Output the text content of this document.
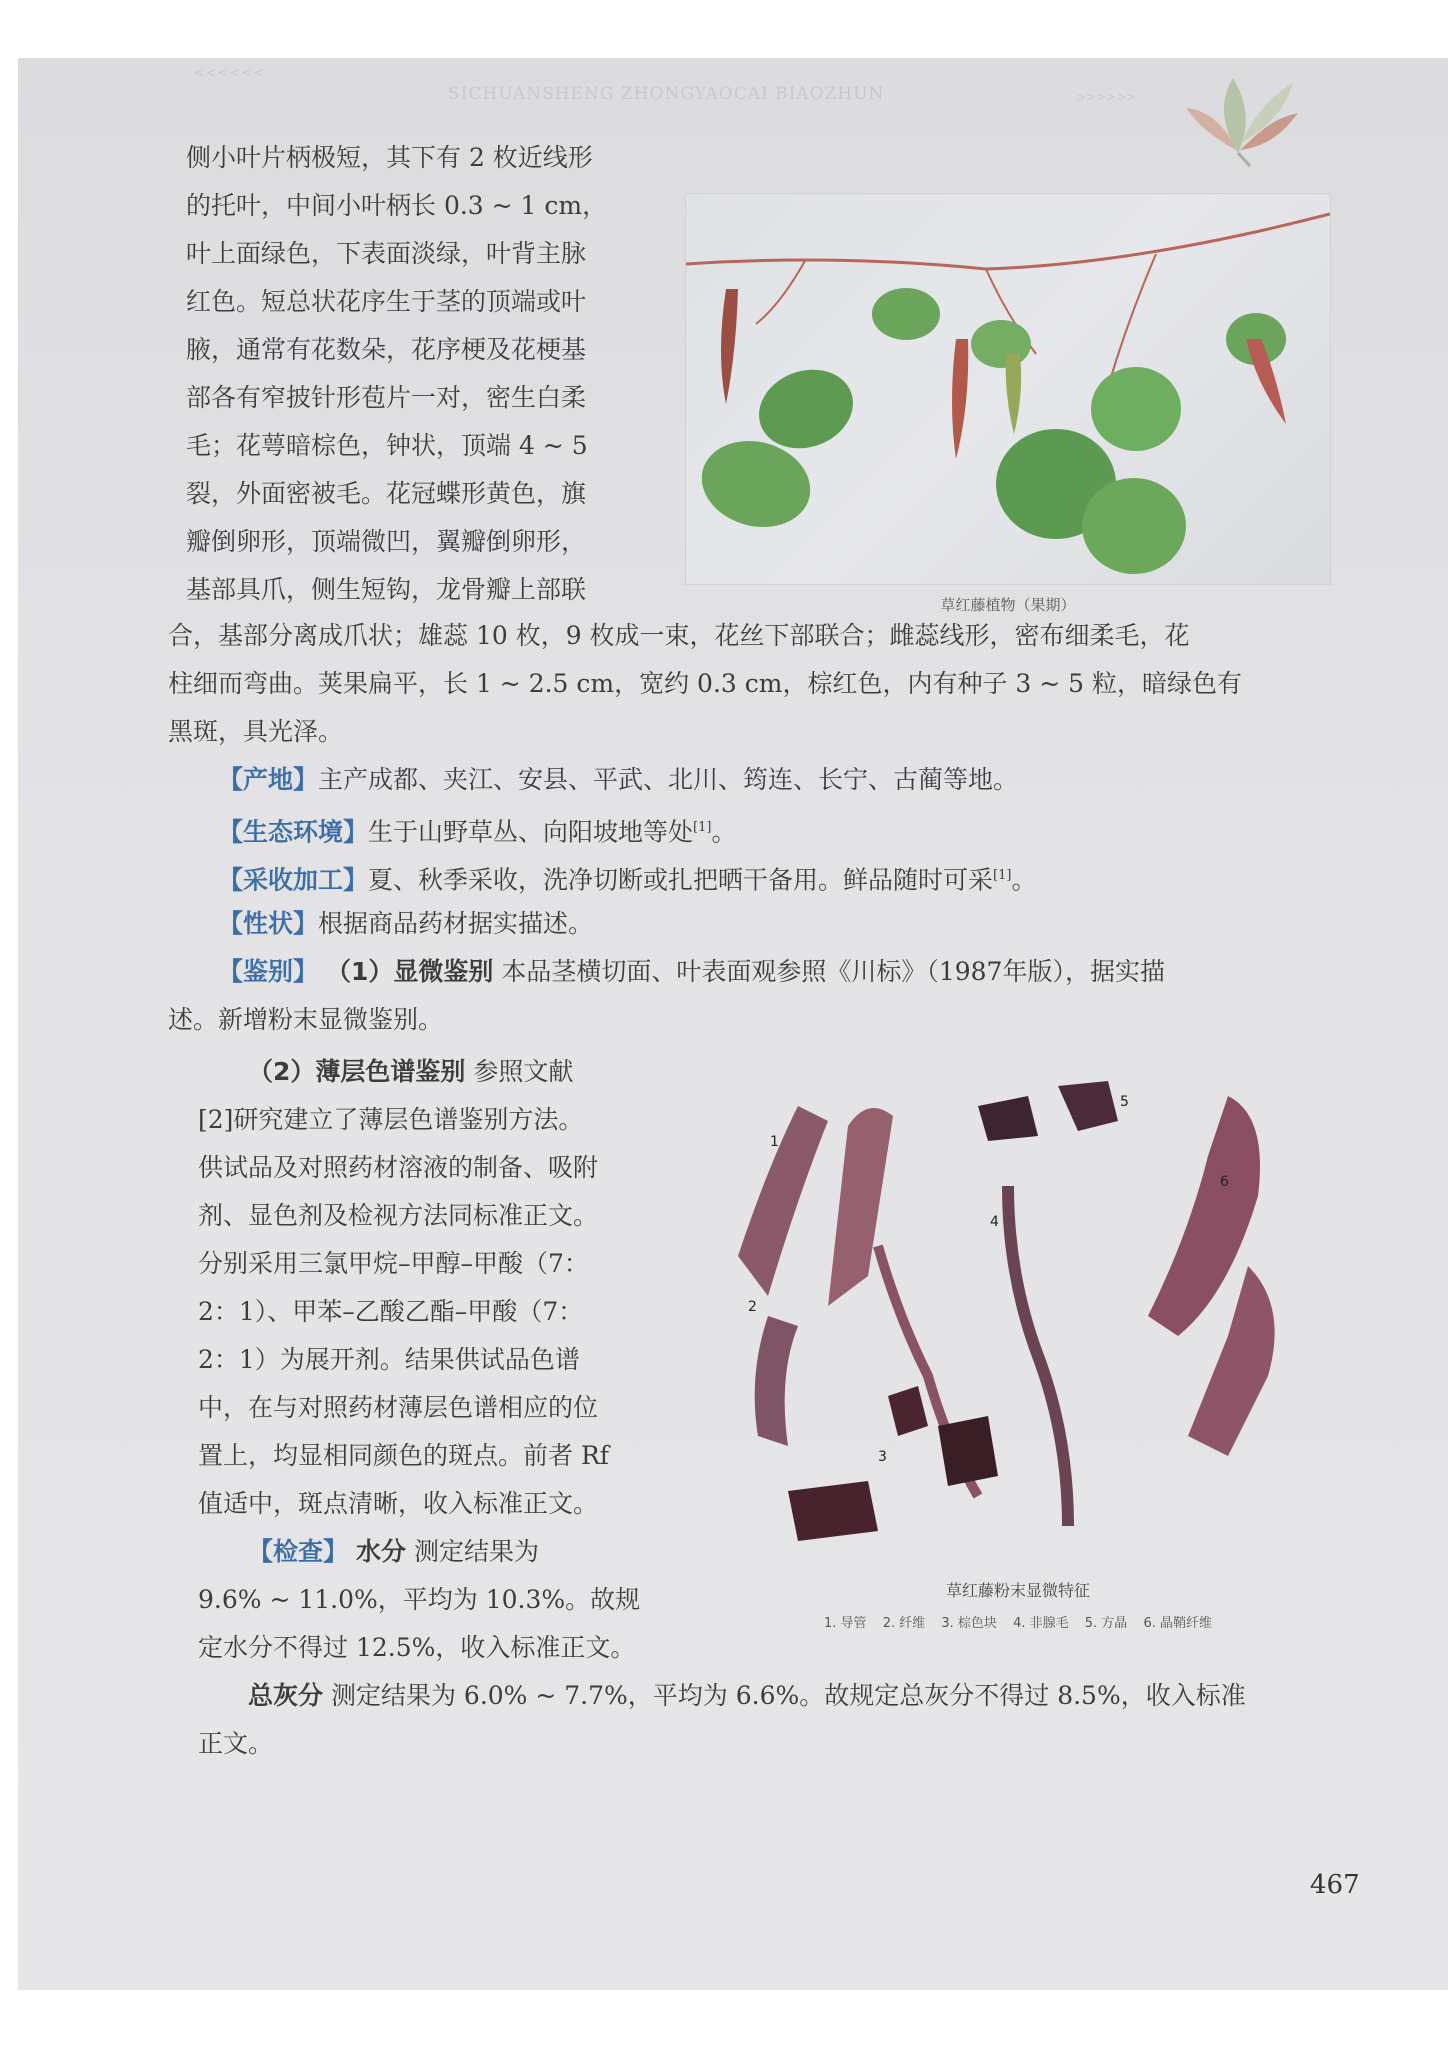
<<<<<<
SICHUANSHENG ZHONGYAOCAI BIAOZHUN	>>>>>>
侧小叶片柄极短，其下有 2 枚近线形
的托叶，中间小叶柄长 0.3 ~ 1 cm，
叶上面绿色，下表面淡绿，叶背主脉
红色。短总状花序生于茎的顶端或叶
腋，通常有花数朵，花序梗及花梗基
部各有窄披针形苞片一对，密生白柔
毛；花萼暗棕色，钟状，顶端 4 ~ 5
裂，外面密被毛。花冠蝶形黄色，旗
瓣倒卵形，顶端微凹，翼瓣倒卵形，
基部具爪，侧生短钩，龙骨瓣上部联
草红藤植物（果期）
合，基部分离成爪状；雄蕊 10 枚，9 枚成一束，花丝下部联合；雌蕊线形，密布细柔毛，花
柱细而弯曲。荚果扁平，长 1 ~ 2.5 cm，宽约 0.3 cm，棕红色，内有种子 3 ~ 5 粒，暗绿色有
黑斑，具光泽。
【产地】主产成都、夹江、安县、平武、北川、筠连、长宁、古蔺等地。
【生态环境】生于山野草丛、向阳坡地等处[1]。
【采收加工】夏、秋季采收，洗净切断或扎把晒干备用。鲜品随时可采[1]。
【性状】根据商品药材据实描述。
【鉴别】 （1）显微鉴别 本品茎横切面、叶表面观参照《川标》（1987年版），据实描
述。新增粉末显微鉴别。
（2）薄层色谱鉴别 参照文献
[2]研究建立了薄层色谱鉴别方法。
供试品及对照药材溶液的制备、吸附
剂、显色剂及检视方法同标准正文。
分别采用三氯甲烷–甲醇–甲酸（7：
2：1）、甲苯–乙酸乙酯–甲酸（7：
2：1）为展开剂。结果供试品色谱
中，在与对照药材薄层色谱相应的位
置上，均显相同颜色的斑点。前者 Rf
值适中，斑点清晰，收入标准正文。
1
2
3
4
5
6
草红藤粉末显微特征
1. 导管 2. 纤维 3. 棕色块 4. 非腺毛 5. 方晶 6. 晶鞘纤维
【检查】 水分 测定结果为
9.6% ~ 11.0%，平均为 10.3%。故规
定水分不得过 12.5%，收入标准正文。
总灰分 测定结果为 6.0% ~ 7.7%，平均为 6.6%。故规定总灰分不得过 8.5%，收入标准
正文。
467
